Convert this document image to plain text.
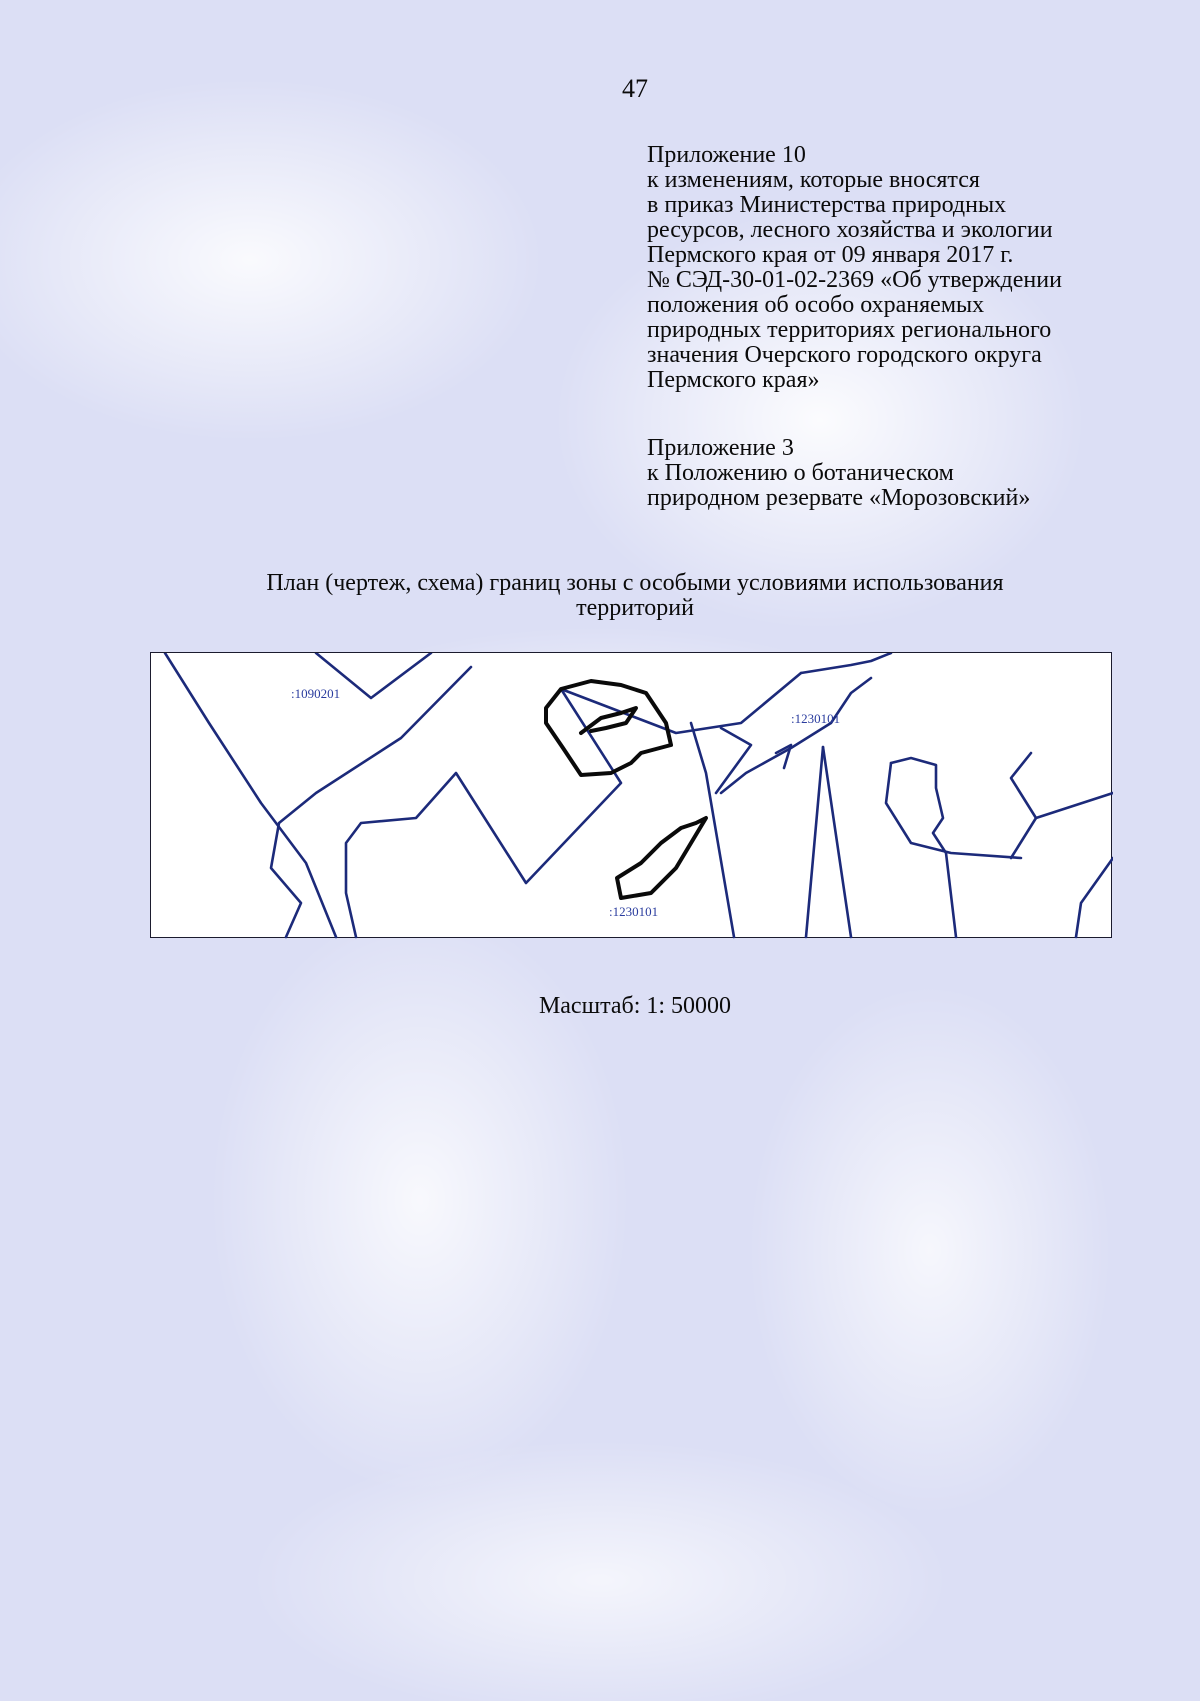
47

Приложение 10

к изменениям, которые вносятся

в приказ Министерства природных

ресурсов, лесного хозяйства и экологии

Пермского края от 09 января 2017 г.

№ СЭД-30-01-02-2369 «Об утверждении

положения об особо охраняемых

природных территориях регионального

значения Очерского городского округа

Пермского края»

Приложение 3

к Положению о ботаническом

природном резервате «Морозовский»

План (чертеж, схема) границ зоны с особыми условиями использования

территорий

:1090201
:1230101
:1230101
Масштаб: 1: 50000
